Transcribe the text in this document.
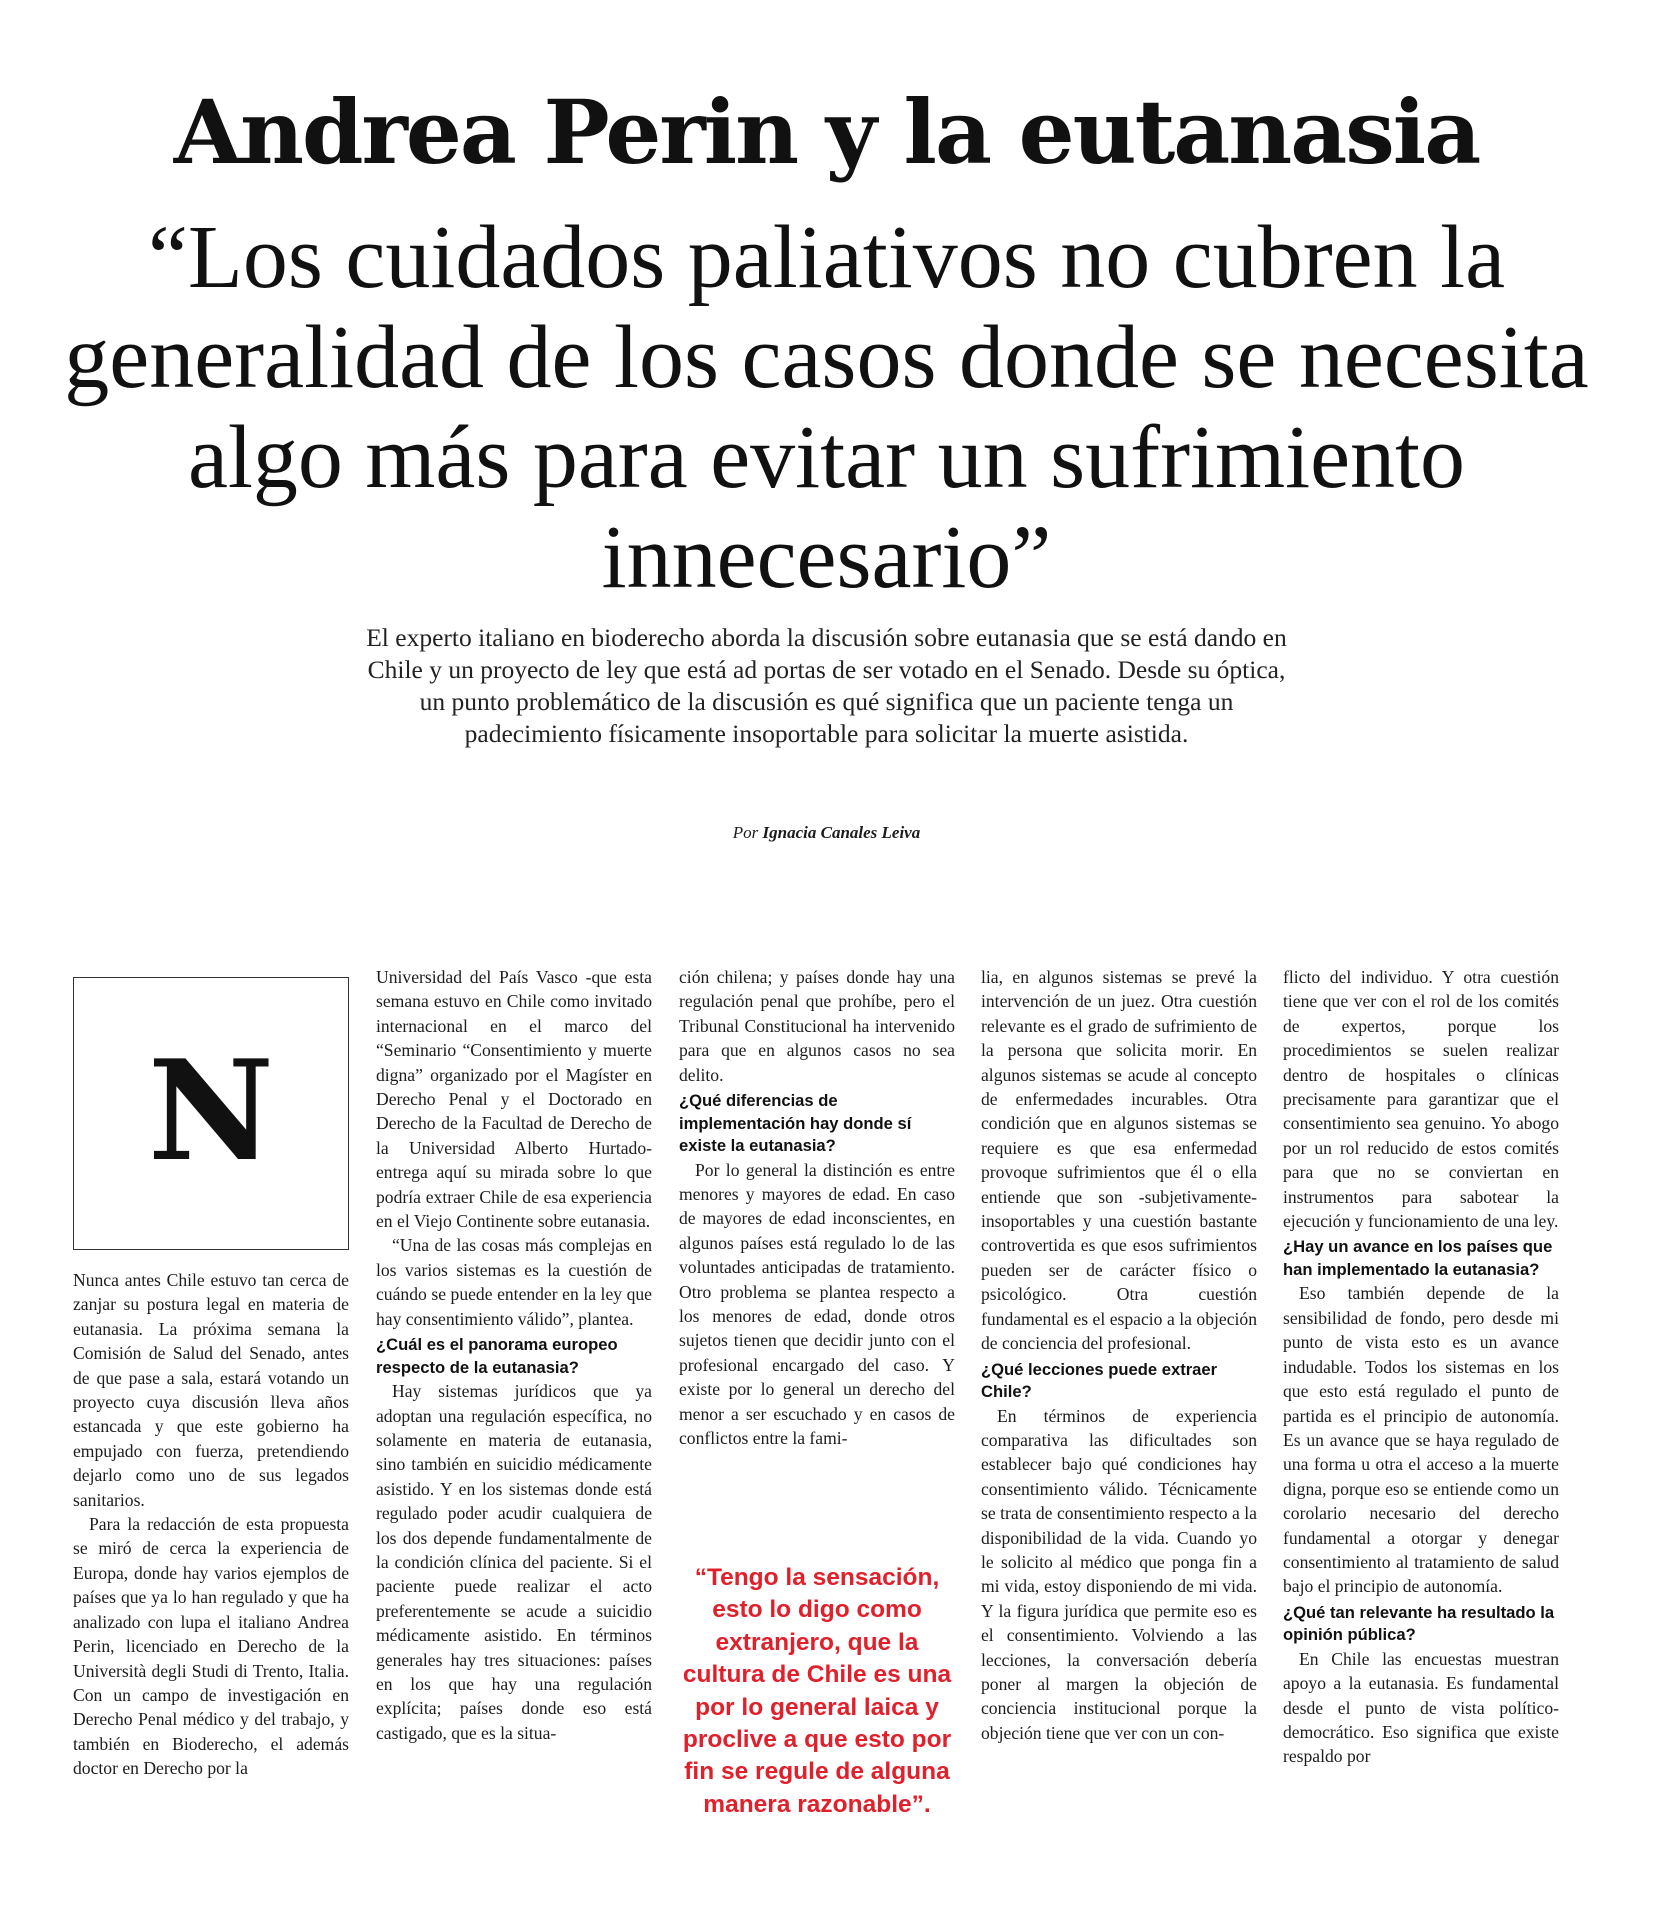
Andrea Perin y la eutanasia
“Los cuidados paliativos no cubren la generalidad de los casos donde se necesita algo más para evitar un sufrimiento innecesario”

El experto italiano en bioderecho aborda la discusión sobre eutanasia que se está dando en Chile y un proyecto de ley que está ad portas de ser votado en el Senado. Desde su óptica, un punto problemático de la discusión es qué significa que un paciente tenga un padecimiento físicamente insoportable para solicitar la muerte asistida.

Por Ignacia Canales Leiva

N

Nunca antes Chile estuvo tan cerca de zanjar su postura legal en materia de eutanasia. La próxima semana la Comisión de Salud del Senado, antes de que pase a sala, estará votando un proyecto cuya discusión lleva años estancada y que este gobierno ha empujado con fuerza, pretendiendo dejarlo como uno de sus legados sanitarios.

Para la redacción de esta propuesta se miró de cerca la experiencia de Europa, donde hay varios ejemplos de países que ya lo han regulado y que ha analizado con lupa el italiano Andrea Perin, licenciado en Derecho de la Università degli Studi di Trento, Italia. Con un campo de investigación en Derecho Penal médico y del trabajo, y también en Bioderecho, el además doctor en Derecho por la

Universidad del País Vasco -que esta semana estuvo en Chile como invitado internacional en el marco del “Seminario “Consentimiento y muerte digna” organizado por el Magíster en Derecho Penal y el Doctorado en Derecho de la Facultad de Derecho de la Universidad Alberto Hurtado- entrega aquí su mirada sobre lo que podría extraer Chile de esa experiencia en el Viejo Continente sobre eutanasia.

“Una de las cosas más complejas en los varios sistemas es la cuestión de cuándo se puede entender en la ley que hay consentimiento válido”, plantea.

¿Cuál es el panorama europeo respecto de la eutanasia?

Hay sistemas jurídicos que ya adoptan una regulación específica, no solamente en materia de eutanasia, sino también en suicidio médicamente asistido. Y en los sistemas donde está regulado poder acudir cualquiera de los dos depende fundamentalmente de la condición clínica del paciente. Si el paciente puede realizar el acto preferentemente se acude a suicidio médicamente asistido. En términos generales hay tres situaciones: países en los que hay una regulación explícita; países donde eso está castigado, que es la situa-

ción chilena; y países donde hay una regulación penal que prohíbe, pero el Tribunal Constitucional ha intervenido para que en algunos casos no sea delito.

¿Qué diferencias de implementación hay donde sí existe la eutanasia?

Por lo general la distinción es entre menores y mayores de edad. En caso de mayores de edad inconscientes, en algunos países está regulado lo de las voluntades anticipadas de tratamiento. Otro problema se plantea respecto a los menores de edad, donde otros sujetos tienen que decidir junto con el profesional encargado del caso. Y existe por lo general un derecho del menor a ser escuchado y en casos de conflictos entre la fami-

“Tengo la sensación, esto lo digo como extranjero, que la cultura de Chile es una por lo general laica y proclive a que esto por fin se regule de alguna manera razonable”.

lia, en algunos sistemas se prevé la intervención de un juez. Otra cuestión relevante es el grado de sufrimiento de la persona que solicita morir. En algunos sistemas se acude al concepto de enfermedades incurables. Otra condición que en algunos sistemas se requiere es que esa enfermedad provoque sufrimientos que él o ella entiende que son -subjetivamente- insoportables y una cuestión bastante controvertida es que esos sufrimientos pueden ser de carácter físico o psicológico. Otra cuestión fundamental es el espacio a la objeción de conciencia del profesional.

¿Qué lecciones puede extraer Chile?

En términos de experiencia comparativa las dificultades son establecer bajo qué condiciones hay consentimiento válido. Técnicamente se trata de consentimiento respecto a la disponibilidad de la vida. Cuando yo le solicito al médico que ponga fin a mi vida, estoy disponiendo de mi vida. Y la figura jurídica que permite eso es el consentimiento. Volviendo a las lecciones, la conversación debería poner al margen la objeción de conciencia institucional porque la objeción tiene que ver con un con-

flicto del individuo. Y otra cuestión tiene que ver con el rol de los comités de expertos, porque los procedimientos se suelen realizar dentro de hospitales o clínicas precisamente para garantizar que el consentimiento sea genuino. Yo abogo por un rol reducido de estos comités para que no se conviertan en instrumentos para sabotear la ejecución y funcionamiento de una ley.

¿Hay un avance en los países que han implementado la eutanasia?

Eso también depende de la sensibilidad de fondo, pero desde mi punto de vista esto es un avance indudable. Todos los sistemas en los que esto está regulado el punto de partida es el principio de autonomía. Es un avance que se haya regulado de una forma u otra el acceso a la muerte digna, porque eso se entiende como un corolario necesario del derecho fundamental a otorgar y denegar consentimiento al tratamiento de salud bajo el principio de autonomía.

¿Qué tan relevante ha resultado la opinión pública?

En Chile las encuestas muestran apoyo a la eutanasia. Es fundamental desde el punto de vista político-democrático. Eso significa que existe respaldo por
